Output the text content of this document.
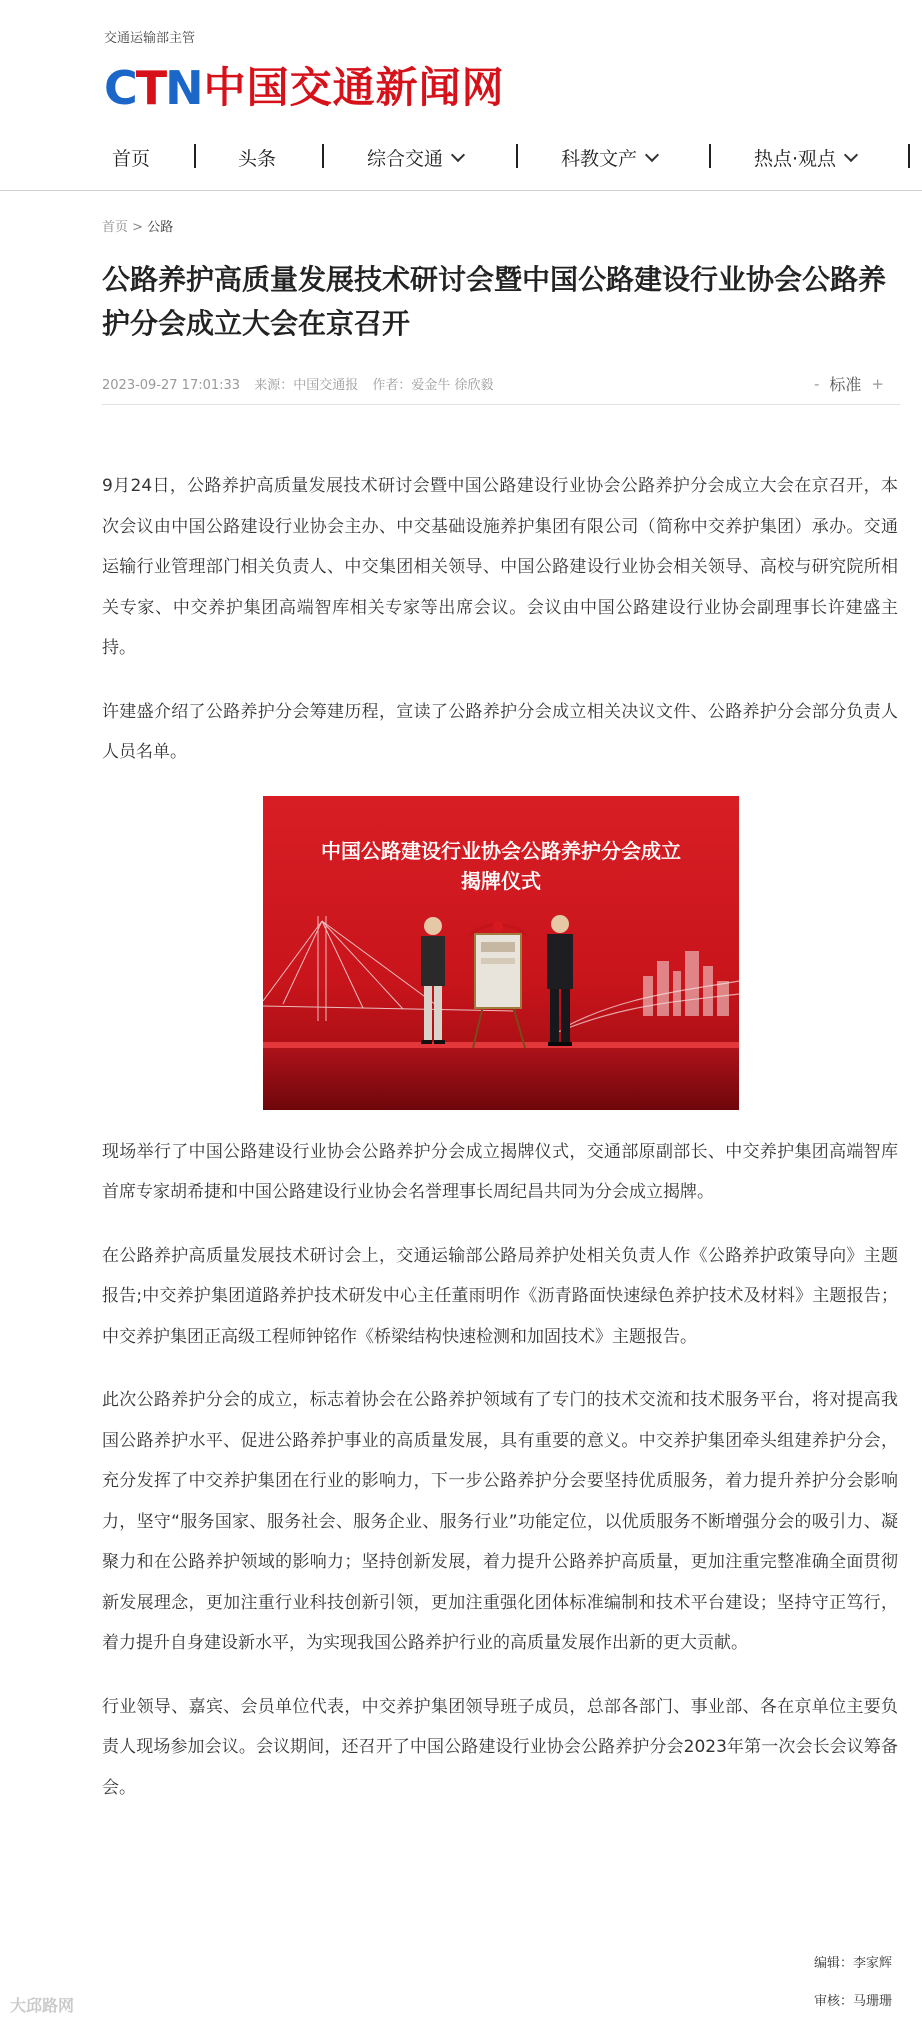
交通运输部主管
CTN 中国交通新闻网
首页	头条	综合交通	科教文产	热点·观点
首页 > 公路
公路养护高质量发展技术研讨会暨中国公路建设行业协会公路养护分会成立大会在京召开
2023-09-27 17:01:33 来源：中国交通报 作者：爱金牛 徐欣毅	- 标准 +

9月24日，公路养护高质量发展技术研讨会暨中国公路建设行业协会公路养护分会成立大会在京召开，本次会议由中国公路建设行业协会主办、中交基础设施养护集团有限公司（简称中交养护集团）承办。交通运输行业管理部门相关负责人、中交集团相关领导、中国公路建设行业协会相关领导、高校与研究院所相关专家、中交养护集团高端智库相关专家等出席会议。会议由中国公路建设行业协会副理事长许建盛主持。

许建盛介绍了公路养护分会筹建历程，宣读了公路养护分会成立相关决议文件、公路养护分会部分负责人人员名单。

中国公路建设行业协会公路养护分会成立
揭牌仪式

现场举行了中国公路建设行业协会公路养护分会成立揭牌仪式，交通部原副部长、中交养护集团高端智库首席专家胡希捷和中国公路建设行业协会名誉理事长周纪昌共同为分会成立揭牌。

在公路养护高质量发展技术研讨会上，交通运输部公路局养护处相关负责人作《公路养护政策导向》主题报告;中交养护集团道路养护技术研发中心主任董雨明作《沥青路面快速绿色养护技术及材料》主题报告；中交养护集团正高级工程师钟铭作《桥梁结构快速检测和加固技术》主题报告。

此次公路养护分会的成立，标志着协会在公路养护领域有了专门的技术交流和技术服务平台，将对提高我国公路养护水平、促进公路养护事业的高质量发展，具有重要的意义。中交养护集团牵头组建养护分会，充分发挥了中交养护集团在行业的影响力，下一步公路养护分会要坚持优质服务，着力提升养护分会影响力，坚守“服务国家、服务社会、服务企业、服务行业”功能定位，以优质服务不断增强分会的吸引力、凝聚力和在公路养护领域的影响力；坚持创新发展，着力提升公路养护高质量，更加注重完整准确全面贯彻新发展理念，更加注重行业科技创新引领，更加注重强化团体标准编制和技术平台建设；坚持守正笃行，着力提升自身建设新水平，为实现我国公路养护行业的高质量发展作出新的更大贡献。

行业领导、嘉宾、会员单位代表，中交养护集团领导班子成员，总部各部门、事业部、各在京单位主要负责人现场参加会议。会议期间，还召开了中国公路建设行业协会公路养护分会2023年第一次会长会议筹备会。

编辑：李家辉
审核：马珊珊
大邱路网
